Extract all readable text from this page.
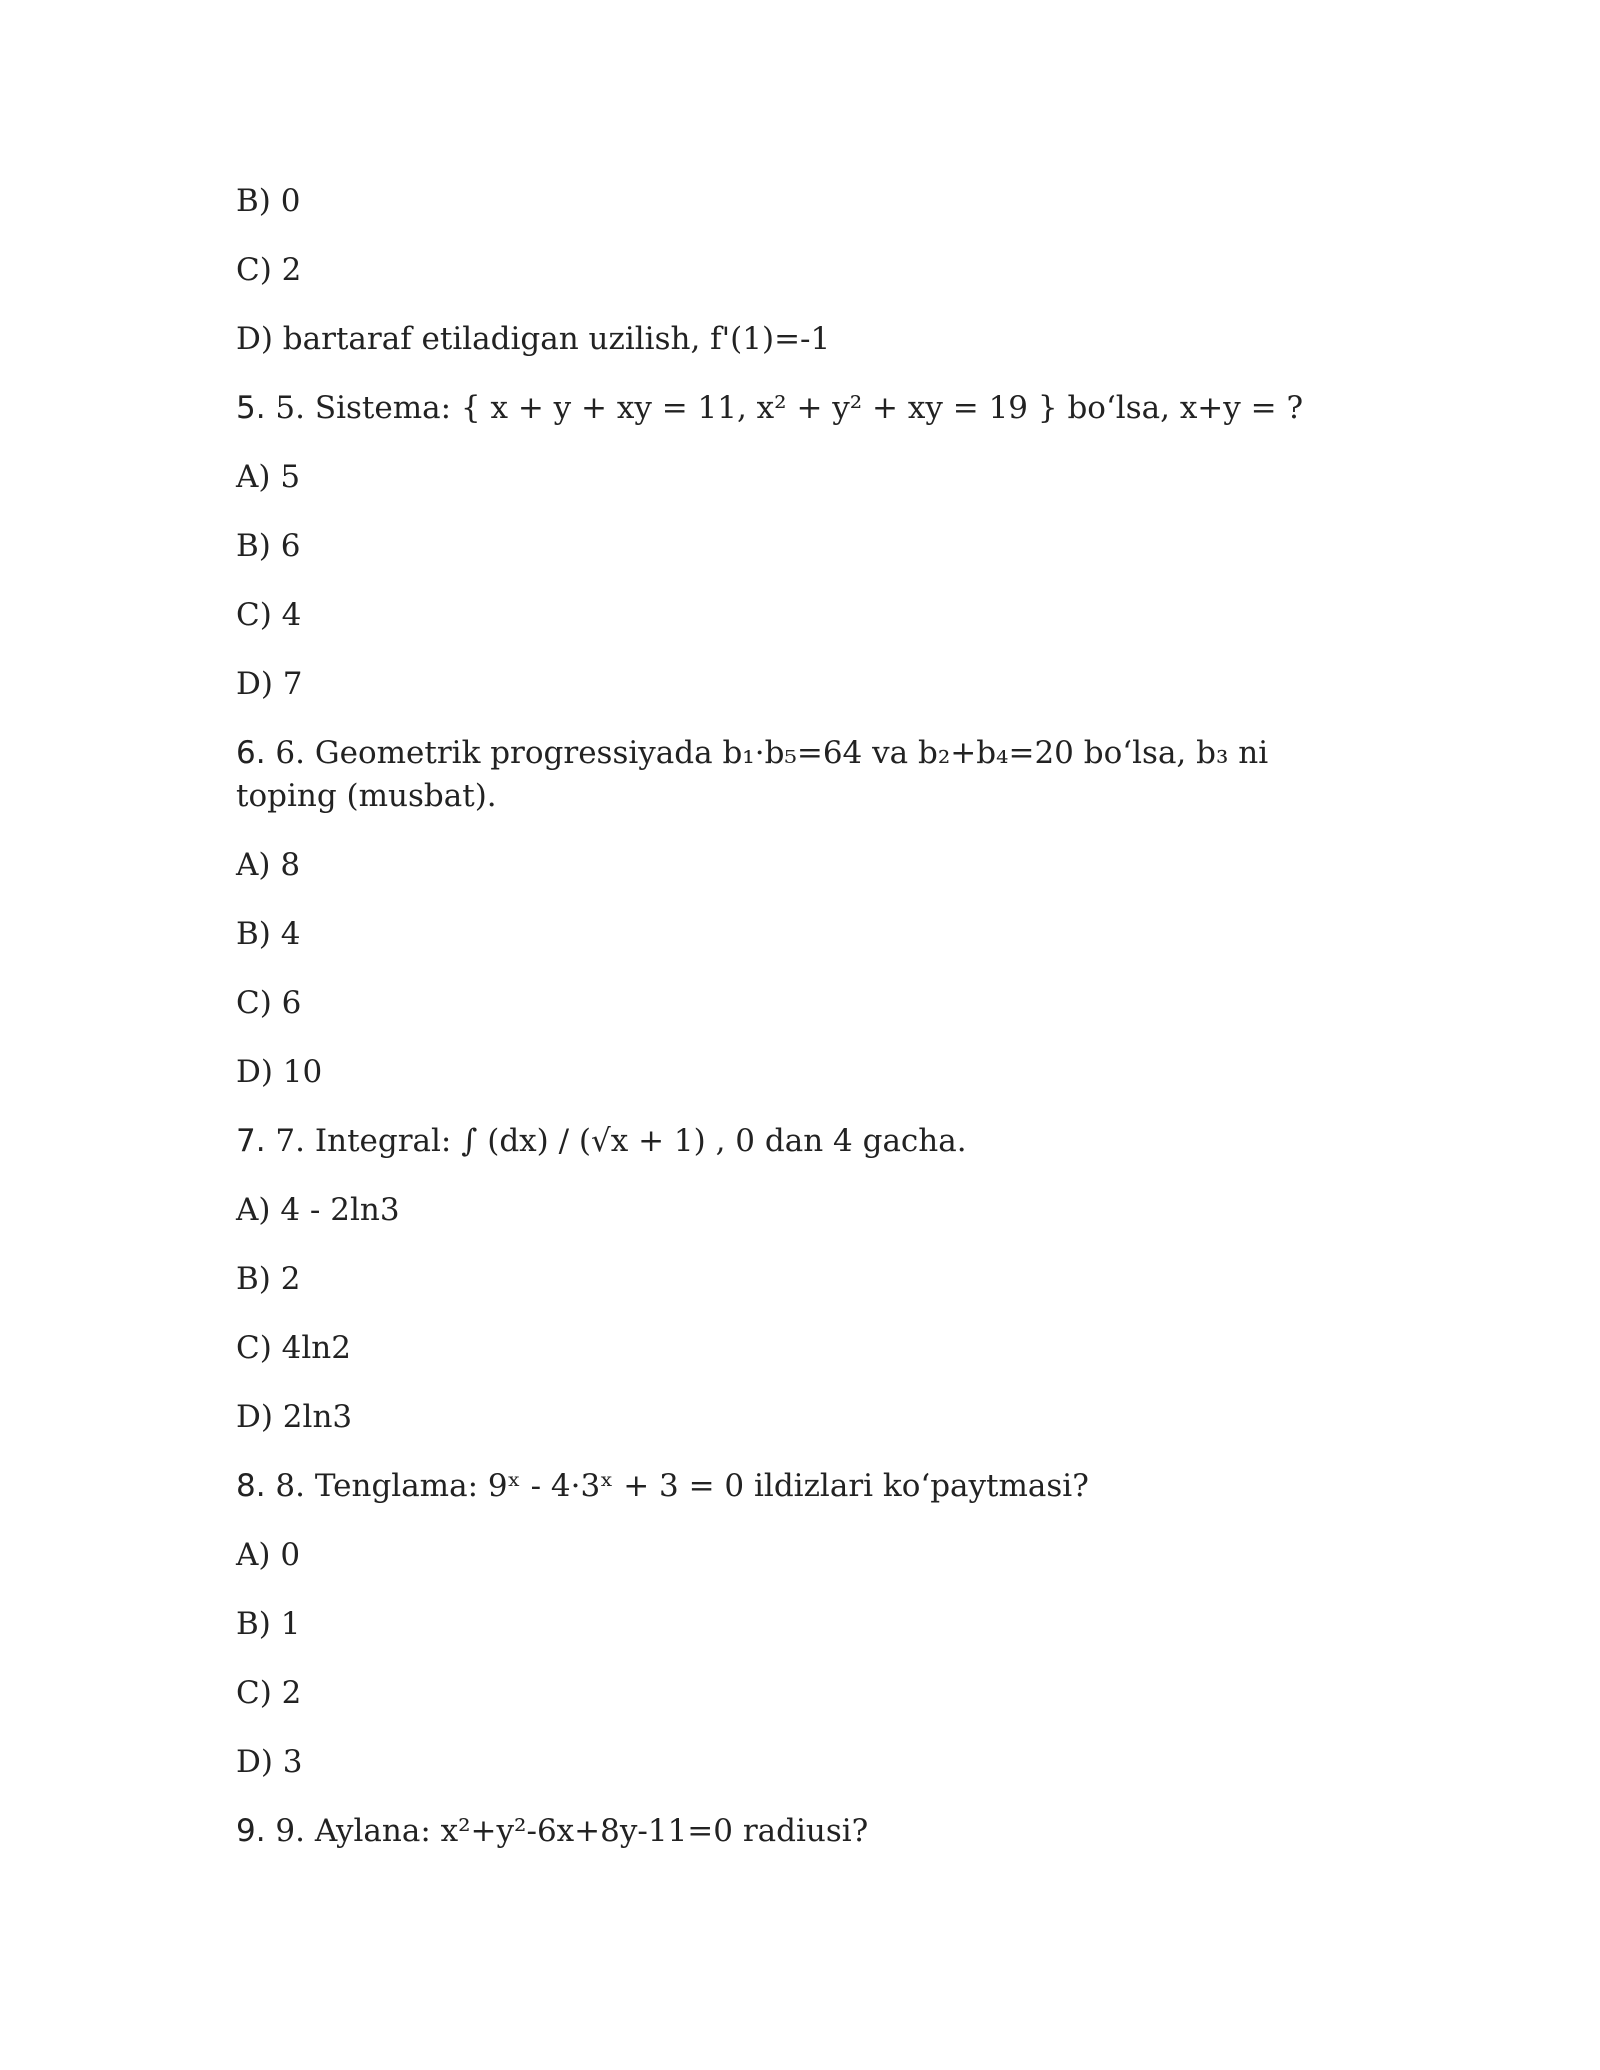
B) 0
C) 2
D) bartaraf etiladigan uzilish, f'(1)=-1
5. 5. Sistema: { x + y + xy = 11, x² + y² + xy = 19 } bo‘lsa, x+y = ?
A) 5
B) 6
C) 4
D) 7
6. 6. Geometrik progressiyada b₁·b₅=64 va b₂+b₄=20 bo‘lsa, b₃ ni toping (musbat).
A) 8
B) 4
C) 6
D) 10
7. 7. Integral: ∫ (dx) / (√x + 1) , 0 dan 4 gacha.
A) 4 - 2ln3
B) 2
C) 4ln2
D) 2ln3
8. 8. Tenglama: 9ˣ - 4·3ˣ + 3 = 0 ildizlari ko‘paytmasi?
A) 0
B) 1
C) 2
D) 3
9. 9. Aylana: x²+y²-6x+8y-11=0 radiusi?
